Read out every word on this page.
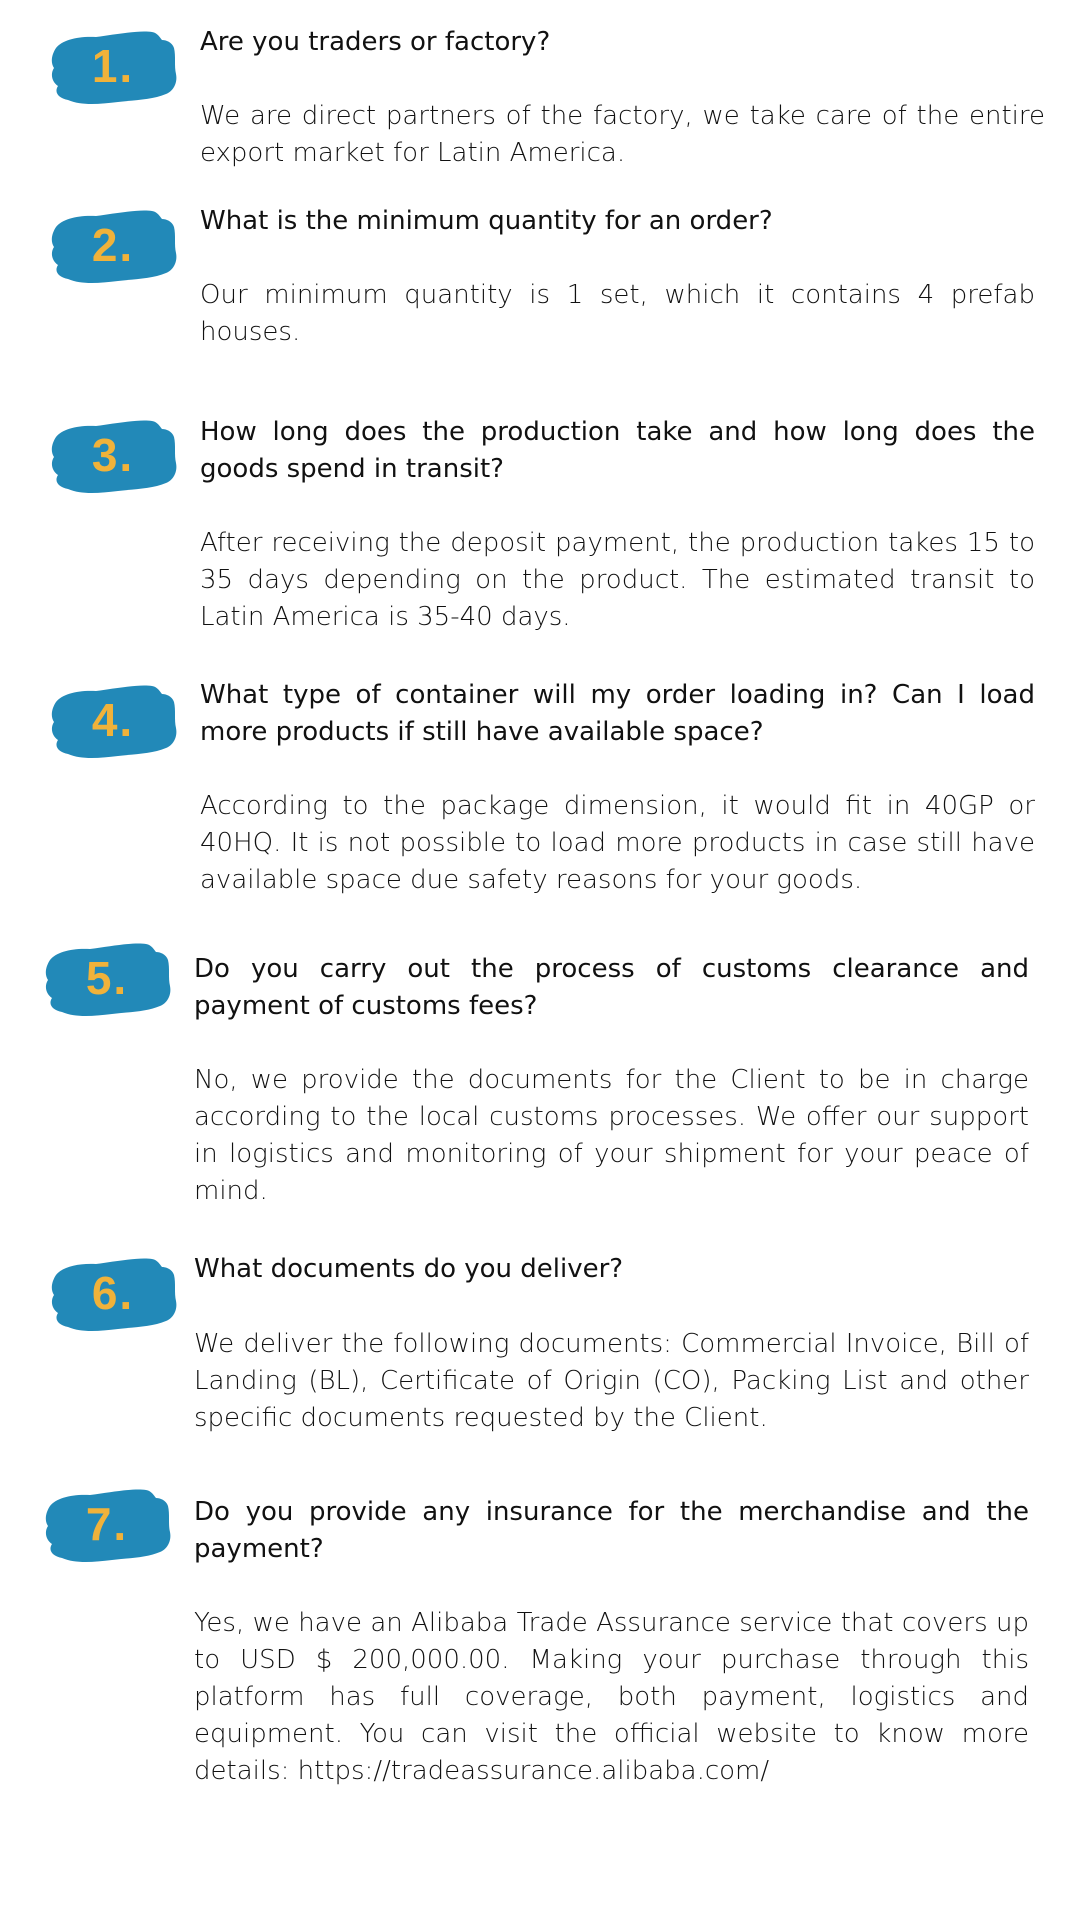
1.	Are you traders or factory?

We are direct partners of the factory, we take care of the entire export market for Latin America.

2.	What is the minimum quantity for an order?

Our minimum quantity is 1 set, which it contains 4 prefab houses.

3.	How long does the production take and how long does the goods spend in transit?

After receiving the deposit payment, the production takes 15 to 35 days depending on the product. The estimated transit to Latin America is 35-40 days.

4.	What type of container will my order loading in? Can I load more products if still have available space?

According to the package dimension, it would fit in 40GP or 40HQ. It is not possible to load more products in case still have available space due safety reasons for your goods.

5.	Do you carry out the process of customs clearance and payment of customs fees?

No, we provide the documents for the Client to be in charge according to the local customs processes. We offer our support in logistics and monitoring of your shipment for your peace of mind.

6.	What documents do you deliver?

We deliver the following documents: Commercial Invoice, Bill of Landing (BL), Certificate of Origin (CO), Packing List and other specific documents requested by the Client.

7.	Do you provide any insurance for the merchandise and the payment?

Yes, we have an Alibaba Trade Assurance service that covers up to USD $ 200,000.00. Making your purchase through this platform has full coverage, both payment, logistics and equipment. You can visit the official website to know more details: https://tradeassurance.alibaba.com/
